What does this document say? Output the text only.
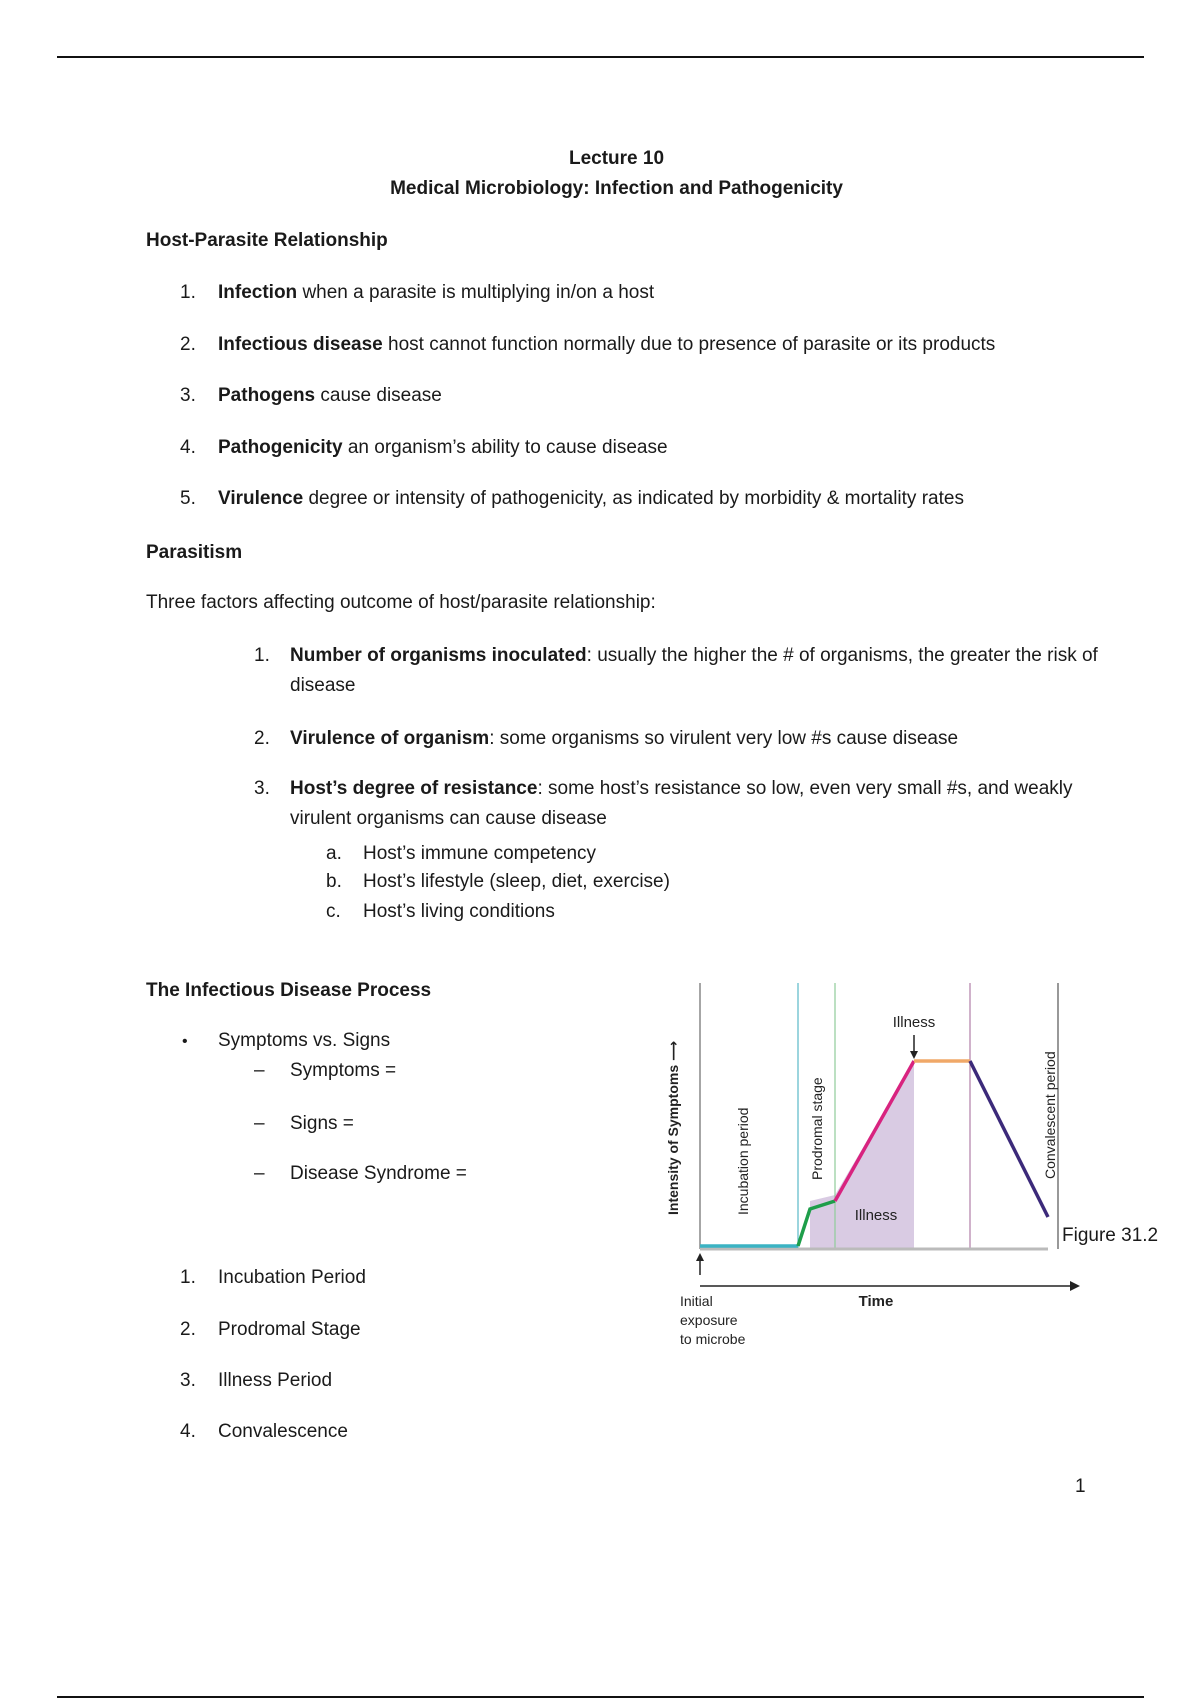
Lecture 10
Medical Microbiology: Infection and Pathogenicity
Host-Parasite Relationship
1. Infection when a parasite is multiplying in/on a host
2. Infectious disease host cannot function normally due to presence of parasite or its products
3. Pathogens cause disease
4. Pathogenicity an organism’s ability to cause disease
5. Virulence degree or intensity of pathogenicity, as indicated by morbidity & mortality rates
Parasitism
Three factors affecting outcome of host/parasite relationship:
1. Number of organisms inoculated: usually the higher the # of organisms, the greater the risk of disease
2. Virulence of organism: some organisms so virulent very low #s cause disease
3. Host’s degree of resistance: some host’s resistance so low, even very small #s, and weakly virulent organisms can cause disease
a. Host’s immune competency
b. Host’s lifestyle (sleep, diet, exercise)
c. Host’s living conditions
The Infectious Disease Process
• Symptoms vs. Signs
– Symptoms =
– Signs =
– Disease Syndrome =
1. Incubation Period
2. Prodromal Stage
3. Illness Period
4. Convalescence
Intensity of Symptoms ⟶	Incubation period	Prodromal stage	Convalescent period
Illness
Illness
Time
Initial
exposure
to microbe
Figure 31.2
1
